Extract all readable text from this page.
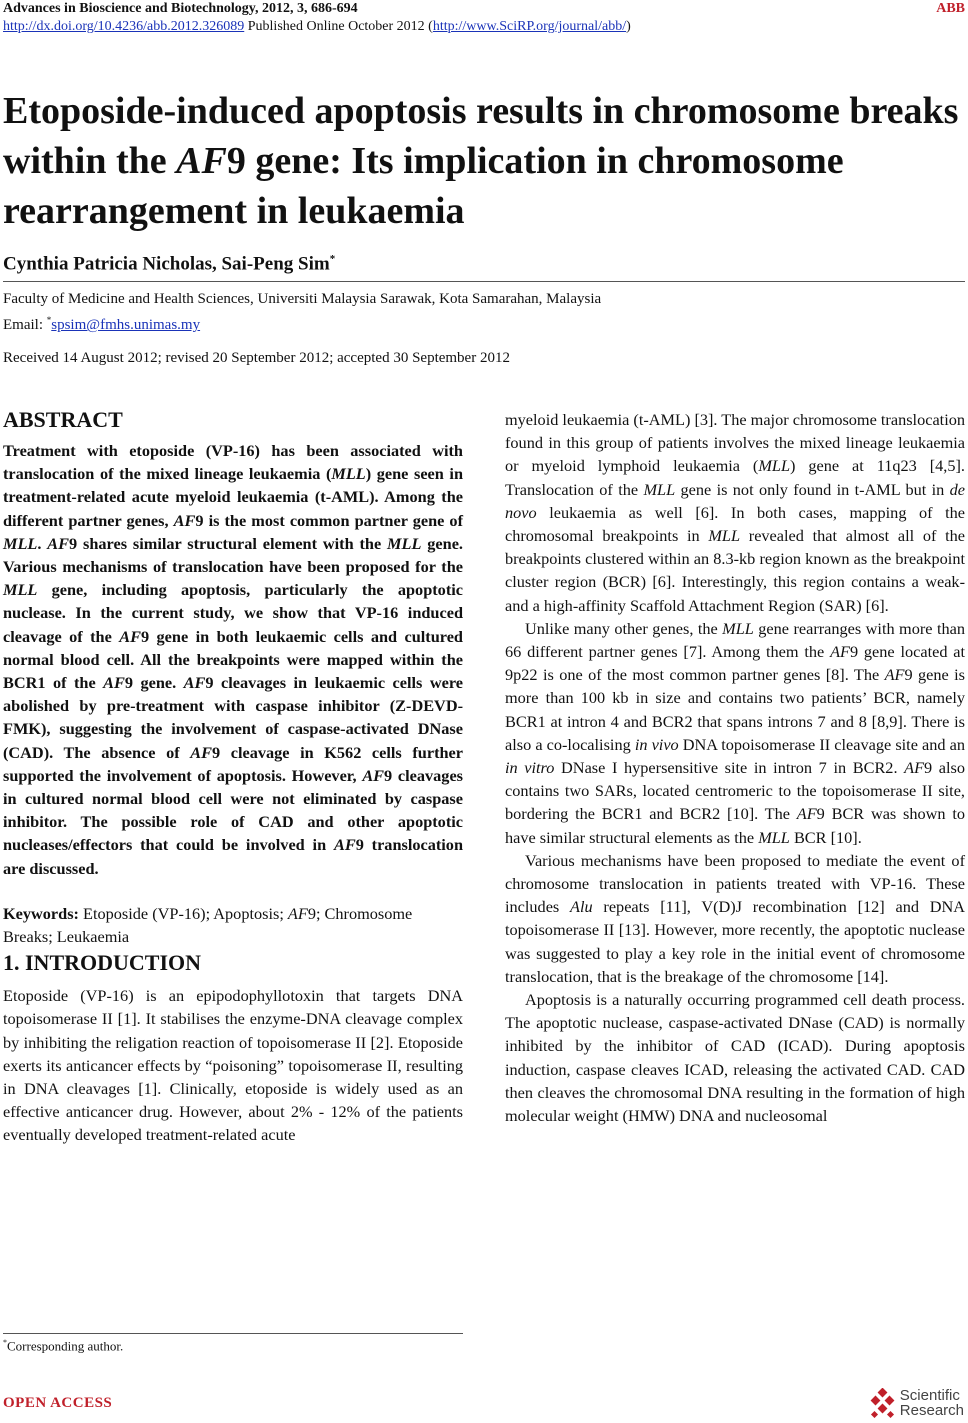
Advances in Bioscience and Biotechnology, 2012, 3, 686-694	ABB
http://dx.doi.org/10.4236/abb.2012.326089 Published Online October 2012 (http://www.SciRP.org/journal/abb/)
Etoposide-induced apoptosis results in chromosome breaks within the AF9 gene: Its implication in chromosome rearrangement in leukaemia
Cynthia Patricia Nicholas, Sai-Peng Sim*
Faculty of Medicine and Health Sciences, Universiti Malaysia Sarawak, Kota Samarahan, Malaysia
Email: *spsim@fmhs.unimas.my
Received 14 August 2012; revised 20 September 2012; accepted 30 September 2012
ABSTRACT

Treatment with etoposide (VP-16) has been associated with translocation of the mixed lineage leukaemia (MLL) gene seen in treatment-related acute myeloid leukaemia (t-AML). Among the different partner genes, AF9 is the most common partner gene of MLL. AF9 shares similar structural element with the MLL gene. Various mechanisms of translocation have been proposed for the MLL gene, including apoptosis, particularly the apoptotic nuclease. In the current study, we show that VP-16 induced cleavage of the AF9 gene in both leukaemic cells and cultured normal blood cell. All the breakpoints were mapped within the BCR1 of the AF9 gene. AF9 cleavages in leukaemic cells were abolished by pre-treatment with caspase inhibitor (Z-DEVD-FMK), suggesting the involvement of caspase-activated DNase (CAD). The absence of AF9 cleavage in K562 cells further supported the involvement of apoptosis. However, AF9 cleavages in cultured normal blood cell were not eliminated by caspase inhibitor. The possible role of CAD and other apoptotic nucleases/effectors that could be involved in AF9 translocation are discussed.

Keywords: Etoposide (VP-16); Apoptosis; AF9; Chromosome Breaks; Leukaemia

1. INTRODUCTION

Etoposide (VP-16) is an epipodophyllotoxin that targets DNA topoisomerase II [1]. It stabilises the enzyme-DNA cleavage complex by inhibiting the religation reaction of topoisomerase II [2]. Etoposide exerts its anticancer effects by “poisoning” topoisomerase II, resulting in DNA cleavages [1]. Clinically, etoposide is widely used as an effective anticancer drug. However, about 2% - 12% of the patients eventually developed treatment-related acute

myeloid leukaemia (t-AML) [3]. The major chromosome translocation found in this group of patients involves the mixed lineage leukaemia or myeloid lymphoid leukaemia (MLL) gene at 11q23 [4,5]. Translocation of the MLL gene is not only found in t-AML but in de novo leukaemia as well [6]. In both cases, mapping of the chromosomal breakpoints in MLL revealed that almost all of the breakpoints clustered within an 8.3-kb region known as the breakpoint cluster region (BCR) [6]. Interestingly, this region contains a weak- and a high-affinity Scaffold Attachment Region (SAR) [6].

Unlike many other genes, the MLL gene rearranges with more than 66 different partner genes [7]. Among them the AF9 gene located at 9p22 is one of the most common partner genes [8]. The AF9 gene is more than 100 kb in size and contains two patients’ BCR, namely BCR1 at intron 4 and BCR2 that spans introns 7 and 8 [8,9]. There is also a co-localising in vivo DNA topoisomerase II cleavage site and an in vitro DNase I hypersensitive site in intron 7 in BCR2. AF9 also contains two SARs, located centromeric to the topoisomerase II site, bordering the BCR1 and BCR2 [10]. The AF9 BCR was shown to have similar structural elements as the MLL BCR [10].

Various mechanisms have been proposed to mediate the event of chromosome translocation in patients treated with VP-16. These includes Alu repeats [11], V(D)J recombination [12] and DNA topoisomerase II [13]. However, more recently, the apoptotic nuclease was suggested to play a key role in the initial event of chromosome translocation, that is the breakage of the chromosome [14].

Apoptosis is a naturally occurring programmed cell death process. The apoptotic nuclease, caspase-activated DNase (CAD) is normally inhibited by the inhibitor of CAD (ICAD). During apoptosis induction, caspase cleaves ICAD, releasing the activated CAD. CAD then cleaves the chromosomal DNA resulting in the formation of high molecular weight (HMW) DNA and nucleosomal

*Corresponding author.
OPEN ACCESS	Scientific
Research
